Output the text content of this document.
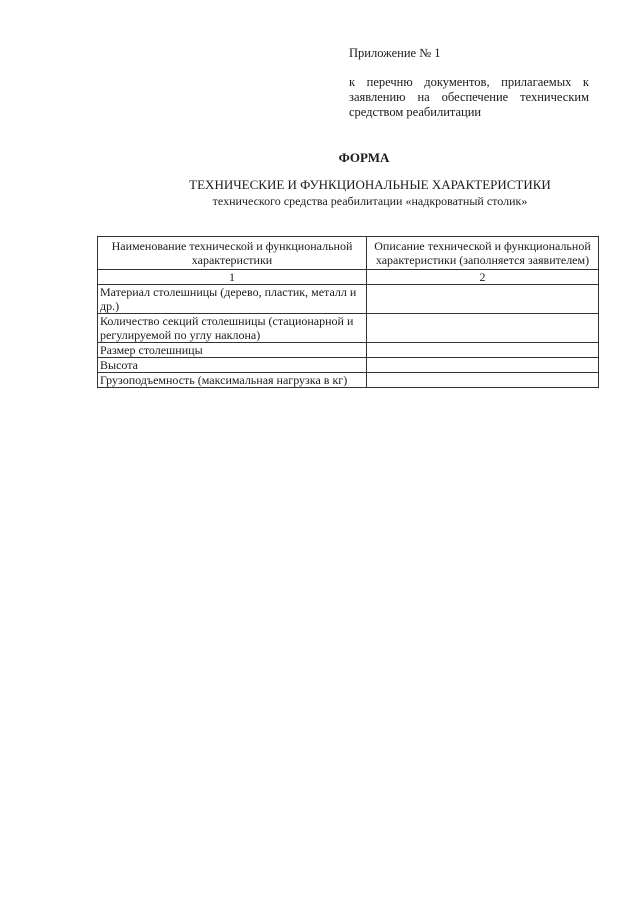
Приложение № 1
к перечню документов, прилагаемых к заявлению на обеспечение техническим средством реабилитации
ФОРМА
ТЕХНИЧЕСКИЕ И ФУНКЦИОНАЛЬНЫЕ ХАРАКТЕРИСТИКИ
технического средства реабилитации «надкроватный столик»
Наименование технической и функциональной характеристики	Описание технической и функциональной характеристики (заполняется заявителем)
1	2
Материал столешницы (дерево, пластик, металл и др.)	
Количество секций столешницы (стационарной и регулируемой по углу наклона)	
Размер столешницы	
Высота	
Грузоподъемность (максимальная нагрузка в кг)	
